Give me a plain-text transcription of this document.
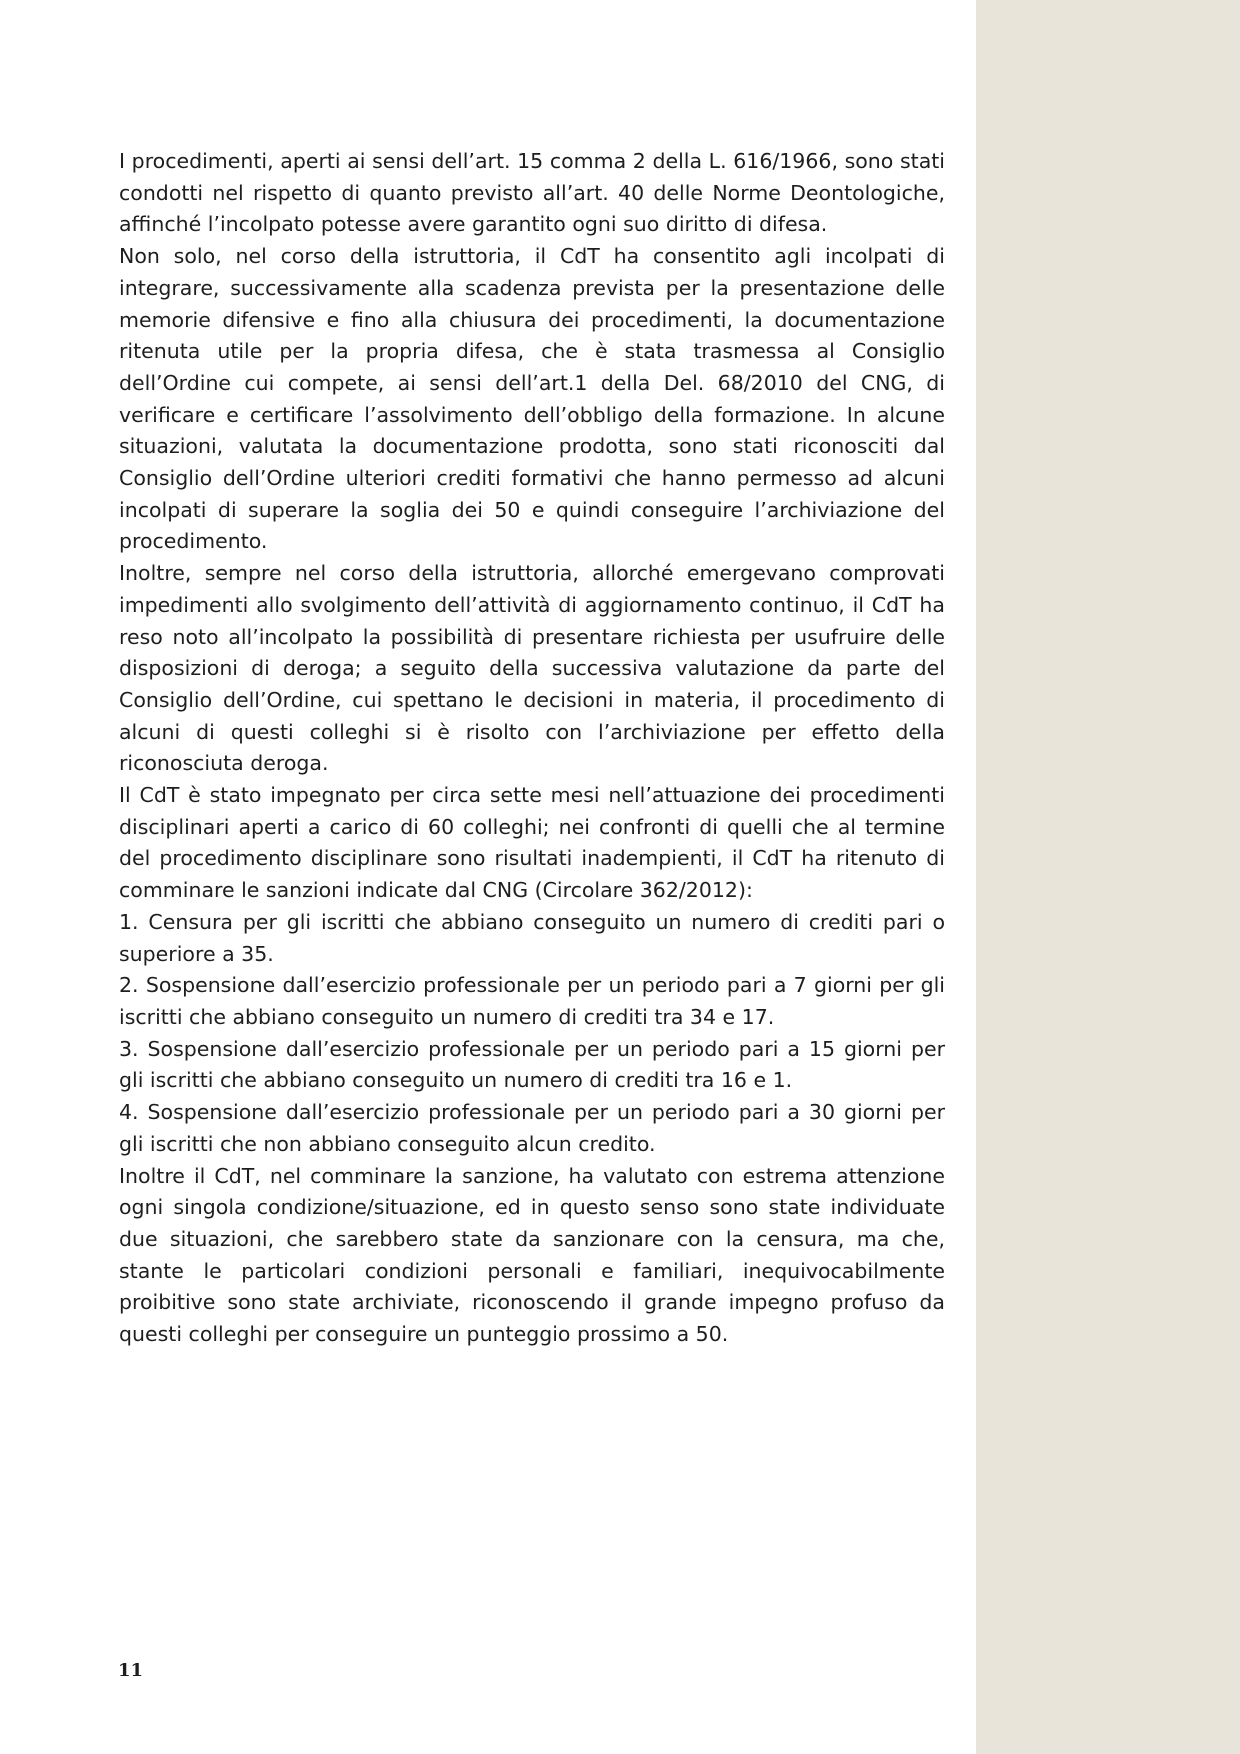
I procedimenti, aperti ai sensi dell’art. 15 comma 2 della L. 616/1966, sono stati condotti nel rispetto di quanto previsto all’art. 40 delle Norme Deontologiche, affinché l’incolpato potesse avere garantito ogni suo diritto di difesa.

Non solo, nel corso della istruttoria, il CdT ha consentito agli incolpati di integrare, successivamente alla scadenza prevista per la presentazione delle memorie difensive e fino alla chiusura dei procedimenti, la documentazione ritenuta utile per la propria difesa, che è stata trasmessa al Consiglio dell’Ordine cui compete, ai sensi dell’art.1 della Del. 68/2010 del CNG, di verificare e certificare l’assolvimento dell’obbligo della formazione. In alcune situazioni, valutata la documentazione prodotta, sono stati riconosciti dal Consiglio dell’Ordine ulteriori crediti formativi che hanno permesso ad alcuni incolpati di superare la soglia dei 50 e quindi conseguire l’archiviazione del procedimento.

Inoltre, sempre nel corso della istruttoria, allorché emergevano comprovati impedimenti allo svolgimento dell’attività di aggiornamento continuo, il CdT ha reso noto all’incolpato la possibilità di presentare richiesta per usufruire delle disposizioni di deroga; a seguito della successiva valutazione da parte del Consiglio dell’Ordine, cui spettano le decisioni in materia, il procedimento di alcuni di questi colleghi si è risolto con l’archiviazione per effetto della riconosciuta deroga.

Il CdT è stato impegnato per circa sette mesi nell’attuazione dei procedimenti disciplinari aperti a carico di 60 colleghi; nei confronti di quelli che al termine del procedimento disciplinare sono risultati inadempienti, il CdT ha ritenuto di comminare le sanzioni indicate dal CNG (Circolare 362/2012):

1. Censura per gli iscritti che abbiano conseguito un numero di crediti pari o superiore a 35.

2. Sospensione dall’esercizio professionale per un periodo pari a 7 giorni per gli iscritti che abbiano conseguito un numero di crediti tra 34 e 17.

3. Sospensione dall’esercizio professionale per un periodo pari a 15 giorni per gli iscritti che abbiano conseguito un numero di crediti tra 16 e 1.

4. Sospensione dall’esercizio professionale per un periodo pari a 30 giorni per gli iscritti che non abbiano conseguito alcun credito.

Inoltre il CdT, nel comminare la sanzione, ha valutato con estrema attenzione ogni singola condizione/situazione, ed in questo senso sono state individuate due situazioni, che sarebbero state da sanzionare con la censura, ma che, stante le particolari condizioni personali e familiari, inequivocabilmente proibitive sono state archiviate, riconoscendo il grande impegno profuso da questi colleghi per conseguire un punteggio prossimo a 50.

11
